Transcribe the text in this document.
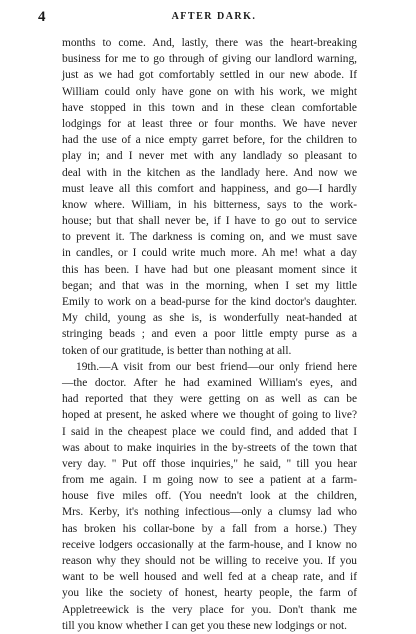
4	AFTER DARK.
months to come. And, lastly, there was the heart-breaking
business for me to go through of giving our landlord warning,
just as we had got comfortably settled in our new abode. If
William could only have gone on with his work, we might
have stopped in this town and in these clean comfortable
lodgings for at least three or four months. We have never
had the use of a nice empty garret before, for the children to
play in; and I never met with any landlady so pleasant to
deal with in the kitchen as the landlady here. And now we
must leave all this comfort and happiness, and go—I hardly
know where. William, in his bitterness, says to the work-
house; but that shall never be, if I have to go out to service
to prevent it. The darkness is coming on, and we must save
in candles, or I could write much more. Ah me! what a day
this has been. I have had but one pleasant moment since it
began; and that was in the morning, when I set my little
Emily to work on a bead-purse for the kind doctor's daughter.
My child, young as she is, is wonderfully neat-handed at
stringing beads ; and even a poor little empty purse as a
token of our gratitude, is better than nothing at all.
19th.—A visit from our best friend—our only friend here
—the doctor. After he had examined William's eyes, and
had reported that they were getting on as well as can be
hoped at present, he asked where we thought of going to live?
I said in the cheapest place we could find, and added that I
was about to make inquiries in the by-streets of the town that
very day. " Put off those inquiries," he said, " till you hear
from me again. I m going now to see a patient at a farm-
house five miles off. (You needn't look at the children,
Mrs. Kerby, it's nothing infectious—only a clumsy lad who
has broken his collar-bone by a fall from a horse.) They
receive lodgers occasionally at the farm-house, and I know no
reason why they should not be willing to receive you. If you
want to be well housed and well fed at a cheap rate, and if
you like the society of honest, hearty people, the farm of
Appletreewick is the very place for you. Don't thank me
till you know whether I can get you these new lodgings or not.
